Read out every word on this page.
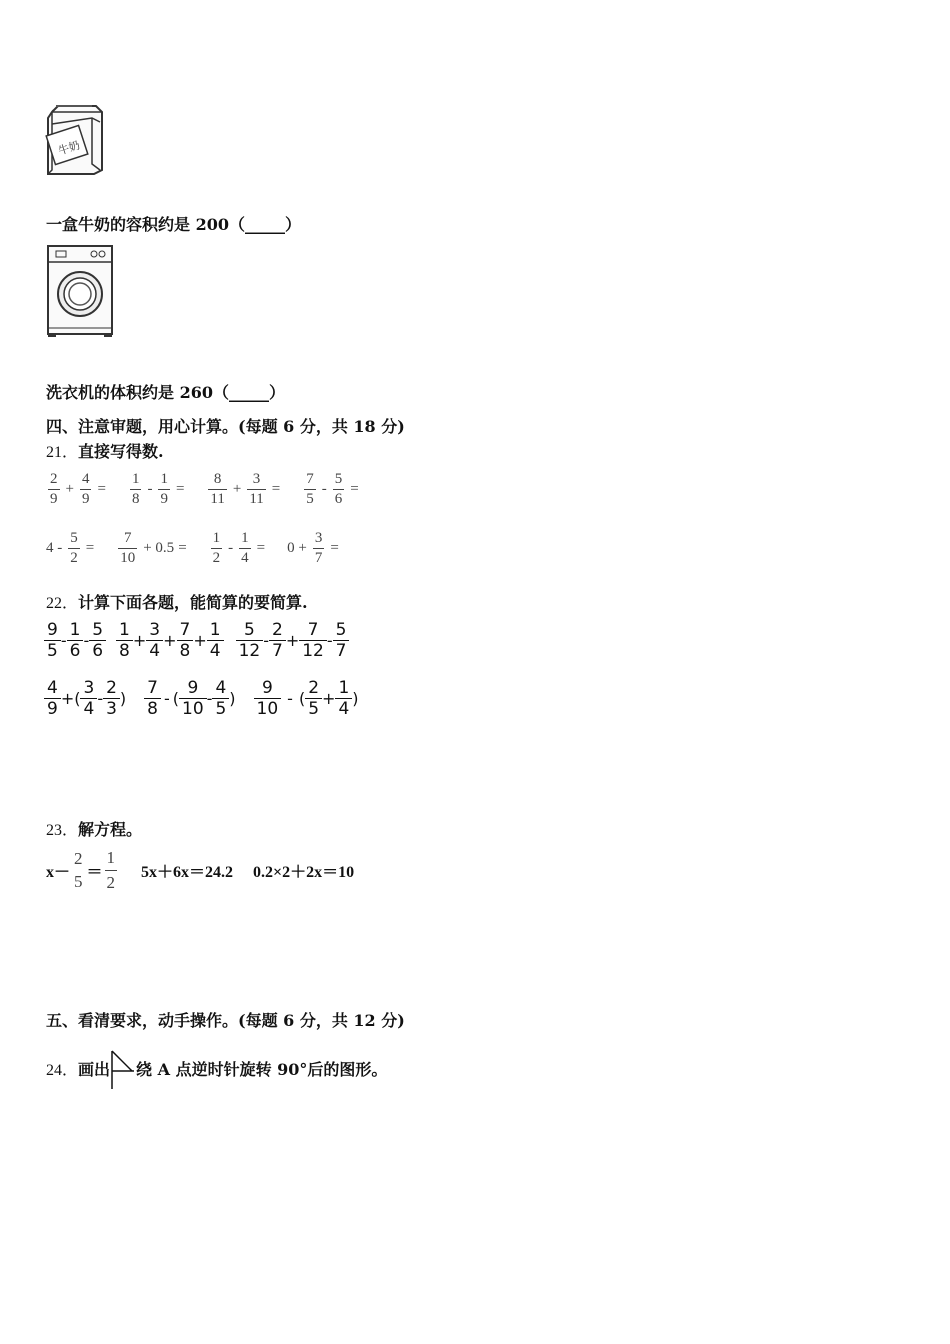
牛奶
一盒牛奶的容积约是 200（_____）
洗衣机的体积约是 260（_____）
四、注意审题，用心计算。(每题 6 分，共 18 分)
21．直接写得数.
$\frac{2}{9} + \frac{4}{9} = \frac{1}{8} - \frac{1}{9} = \frac{8}{11} + \frac{3}{11} = \frac{7}{5} - \frac{5}{6}$ =
$4 - \frac{5}{2} = \frac{7}{10} + 0.5 = \frac{1}{2} - \frac{1}{4} = 0 + \frac{3}{7}$ =
22．计算下面各题，能简算的要简算.
$\frac{9}{5} - \frac{1}{6} - \frac{5}{6} \frac{1}{8} + \frac{3}{4} + \frac{7}{8} + \frac{1}{4} \frac{5}{12} - \frac{2}{7} + \frac{7}{12} - \frac{5}{7}$
$\frac{4}{9}$ + ( $\frac{3}{4} - \frac{2}{3}$ ) $\frac{7}{8}$ - ( $\frac{9}{10} - \frac{4}{5}$ ) $\frac{9}{10}$ - ( $\frac{2}{5} + \frac{1}{4}$ )
23．解方程。
x－
2
$5 = \frac{1}{2} 5x+6x=24.2$ 0.2×2＋2x＝10
五、看清要求，动手操作。(每题 6 分，共 12 分)
24． 画出 绕 A 点逆时针旋转 90°后的图形。
